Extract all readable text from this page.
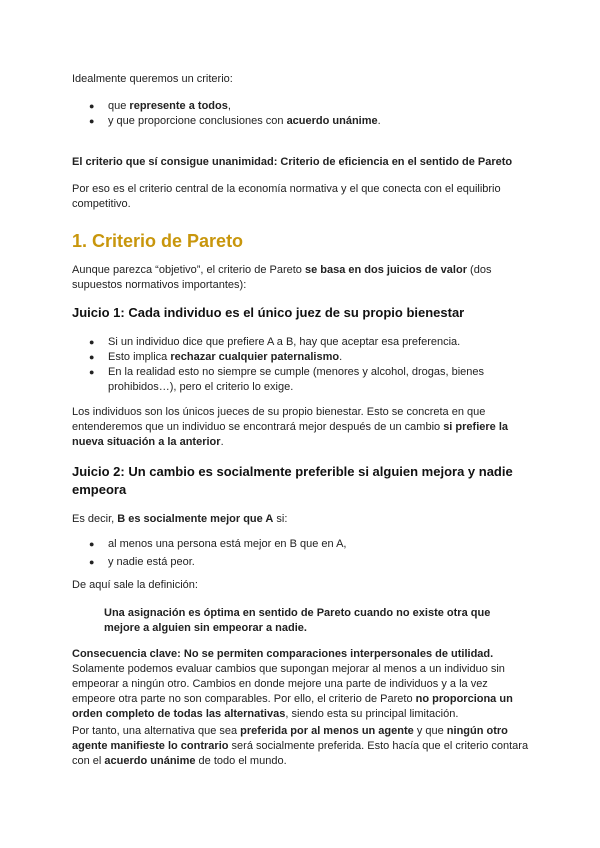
Idealmente queremos un criterio:

● que represente a todos,
● y que proporcione conclusiones con acuerdo unánime.

El criterio que sí consigue unanimidad: Criterio de eficiencia en el sentido de Pareto

Por eso es el criterio central de la economía normativa y el que conecta con el equilibrio competitivo.

1. Criterio de Pareto

Aunque parezca “objetivo”, el criterio de Pareto se basa en dos juicios de valor (dos supuestos normativos importantes):

Juicio 1: Cada individuo es el único juez de su propio bienestar
● Si un individuo dice que prefiere A a B, hay que aceptar esa preferencia.
● Esto implica rechazar cualquier paternalismo.
● En la realidad esto no siempre se cumple (menores y alcohol, drogas, bienes prohibidos…), pero el criterio lo exige.

Los individuos son los únicos jueces de su propio bienestar. Esto se concreta en que entenderemos que un individuo se encontrará mejor después de un cambio si prefiere la nueva situación a la anterior.

Juicio 2: Un cambio es socialmente preferible si alguien mejora y nadie empeora

Es decir, B es socialmente mejor que A si:

● al menos una persona está mejor en B que en A,
● y nadie está peor.

De aquí sale la definición:

Una asignación es óptima en sentido de Pareto cuando no existe otra que mejore a alguien sin empeorar a nadie.

Consecuencia clave: No se permiten comparaciones interpersonales de utilidad. Solamente podemos evaluar cambios que supongan mejorar al menos a un individuo sin empeorar a ningún otro. Cambios en donde mejore una parte de individuos y a la vez empeore otra parte no son comparables. Por ello, el criterio de Pareto no proporciona un orden completo de todas las alternativas, siendo esta su principal limitación.

Por tanto, una alternativa que sea preferida por al menos un agente y que ningún otro agente manifieste lo contrario será socialmente preferida. Esto hacía que el criterio contara con el acuerdo unánime de todo el mundo.
